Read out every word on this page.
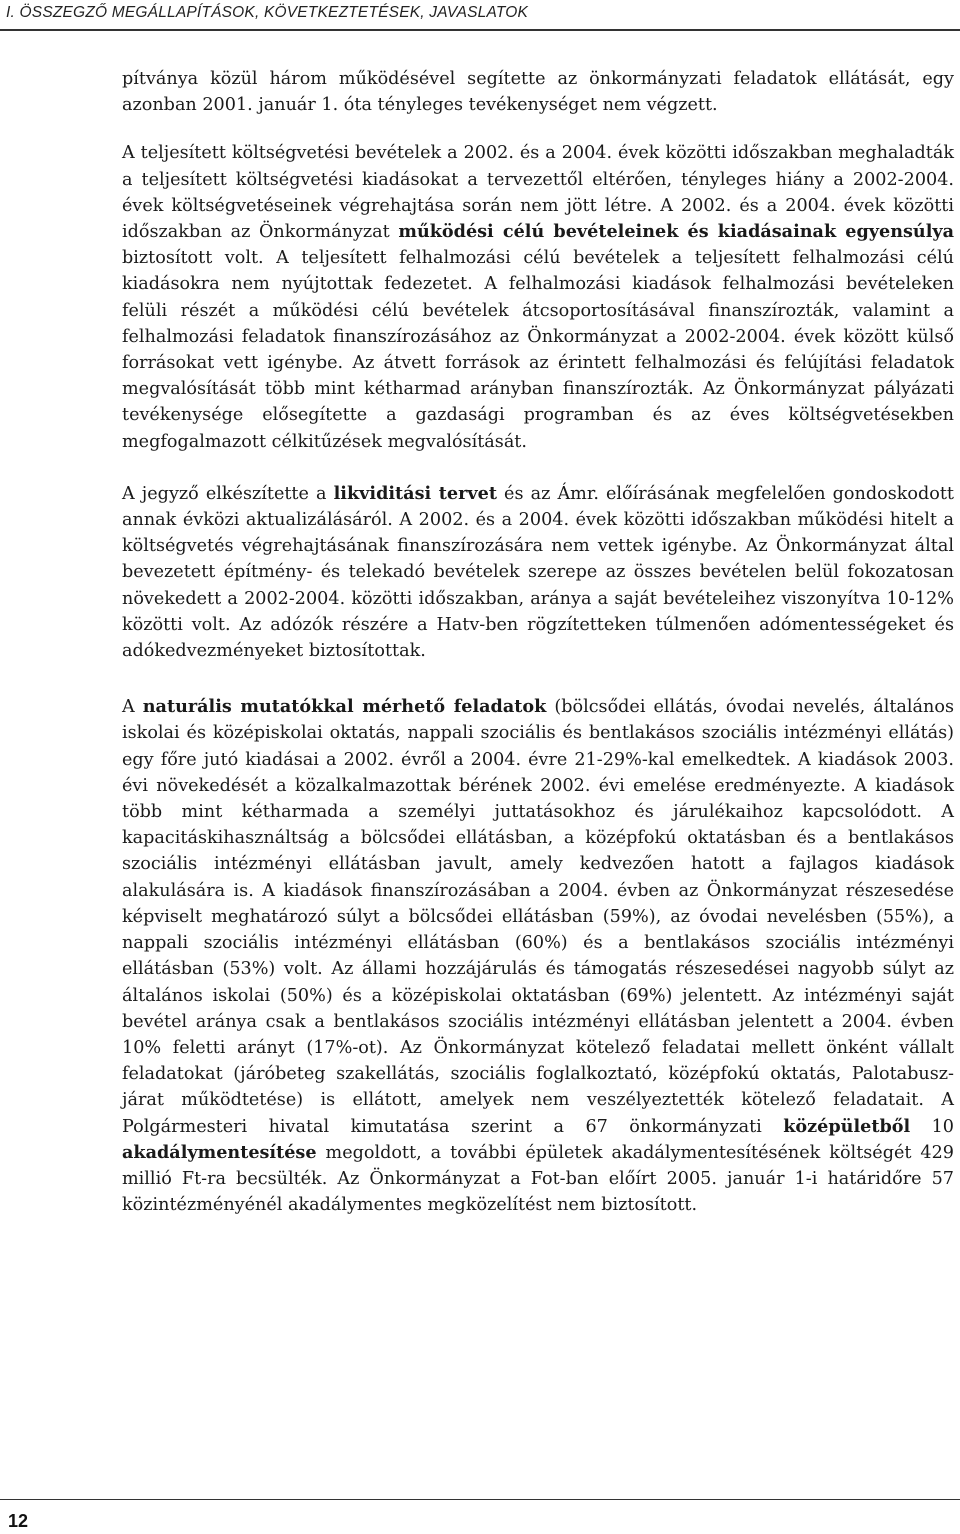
I. ÖSSZEGZŐ MEGÁLLAPÍTÁSOK, KÖVETKEZTETÉSEK, JAVASLATOK

pítványa közül három működésével segítette az önkormányzati feladatok ellátását, egy azonban 2001. január 1. óta tényleges tevékenységet nem végzett.

A teljesített költségvetési bevételek a 2002. és a 2004. évek közötti időszakban meghaladták a teljesített költségvetési kiadásokat a tervezettől eltérően, tényleges hiány a 2002-2004. évek költségvetéseinek végrehajtása során nem jött létre. A 2002. és a 2004. évek közötti időszakban az Önkormányzat működési célú bevételeinek és kiadásainak egyensúlya biztosított volt. A teljesített felhalmozási célú bevételek a teljesített felhalmozási célú kiadásokra nem nyújtottak fedezetet. A felhalmozási kiadások felhalmozási bevételeken felüli részét a működési célú bevételek átcsoportosításával finanszírozták, valamint a felhalmozási feladatok finanszírozásához az Önkormányzat a 2002-2004. évek között külső forrásokat vett igénybe. Az átvett források az érintett felhalmozási és felújítási feladatok megvalósítását több mint kétharmad arányban finanszírozták. Az Önkormányzat pályázati tevékenysége elősegítette a gazdasági programban és az éves költségvetésekben megfogalmazott célkitűzések megvalósítását.

A jegyző elkészítette a likviditási tervet és az Ámr. előírásának megfelelően gondoskodott annak évközi aktualizálásáról. A 2002. és a 2004. évek közötti időszakban működési hitelt a költségvetés végrehajtásának finanszírozására nem vettek igénybe. Az Önkormányzat által bevezetett építmény- és telekadó bevételek szerepe az összes bevételen belül fokozatosan növekedett a 2002-2004. közötti időszakban, aránya a saját bevételeihez viszonyítva 10-12% közötti volt. Az adózók részére a Hatv-ben rögzítetteken túlmenően adómentességeket és adókedvezményeket biztosítottak.

A naturális mutatókkal mérhető feladatok (bölcsődei ellátás, óvodai nevelés, általános iskolai és középiskolai oktatás, nappali szociális és bentlakásos szociális intézményi ellátás) egy főre jutó kiadásai a 2002. évről a 2004. évre 21-29%-kal emelkedtek. A kiadások 2003. évi növekedését a közalkalmazottak bérének 2002. évi emelése eredményezte. A kiadások több mint kétharmada a személyi juttatásokhoz és járulékaihoz kapcsolódott. A kapacitáskihasználtság a bölcsődei ellátásban, a középfokú oktatásban és a bentlakásos szociális intézményi ellátásban javult, amely kedvezően hatott a fajlagos kiadások alakulására is. A kiadások finanszírozásában a 2004. évben az Önkormányzat részesedése képviselt meghatározó súlyt a bölcsődei ellátásban (59%), az óvodai nevelésben (55%), a nappali szociális intézményi ellátásban (60%) és a bentlakásos szociális intézményi ellátásban (53%) volt. Az állami hozzájárulás és támogatás részesedései nagyobb súlyt az általános iskolai (50%) és a középiskolai oktatásban (69%) jelentett. Az intézményi saját bevétel aránya csak a bentlakásos szociális intézményi ellátásban jelentett a 2004. évben 10% feletti arányt (17%-ot). Az Önkormányzat kötelező feladatai mellett önként vállalt feladatokat (járóbeteg szakellátás, szociális foglalkoztató, középfokú oktatás, Palotabusz-járat működtetése) is ellátott, amelyek nem veszélyeztették kötelező feladatait. A Polgármesteri hivatal kimutatása szerint a 67 önkormányzati középületből 10 akadálymentesítése megoldott, a további épületek akadálymentesítésének költségét 429 millió Ft-ra becsülték. Az Önkormányzat a Fot-ban előírt 2005. január 1-i határidőre 57 közintézményénél akadálymentes megközelítést nem biztosított.

12
